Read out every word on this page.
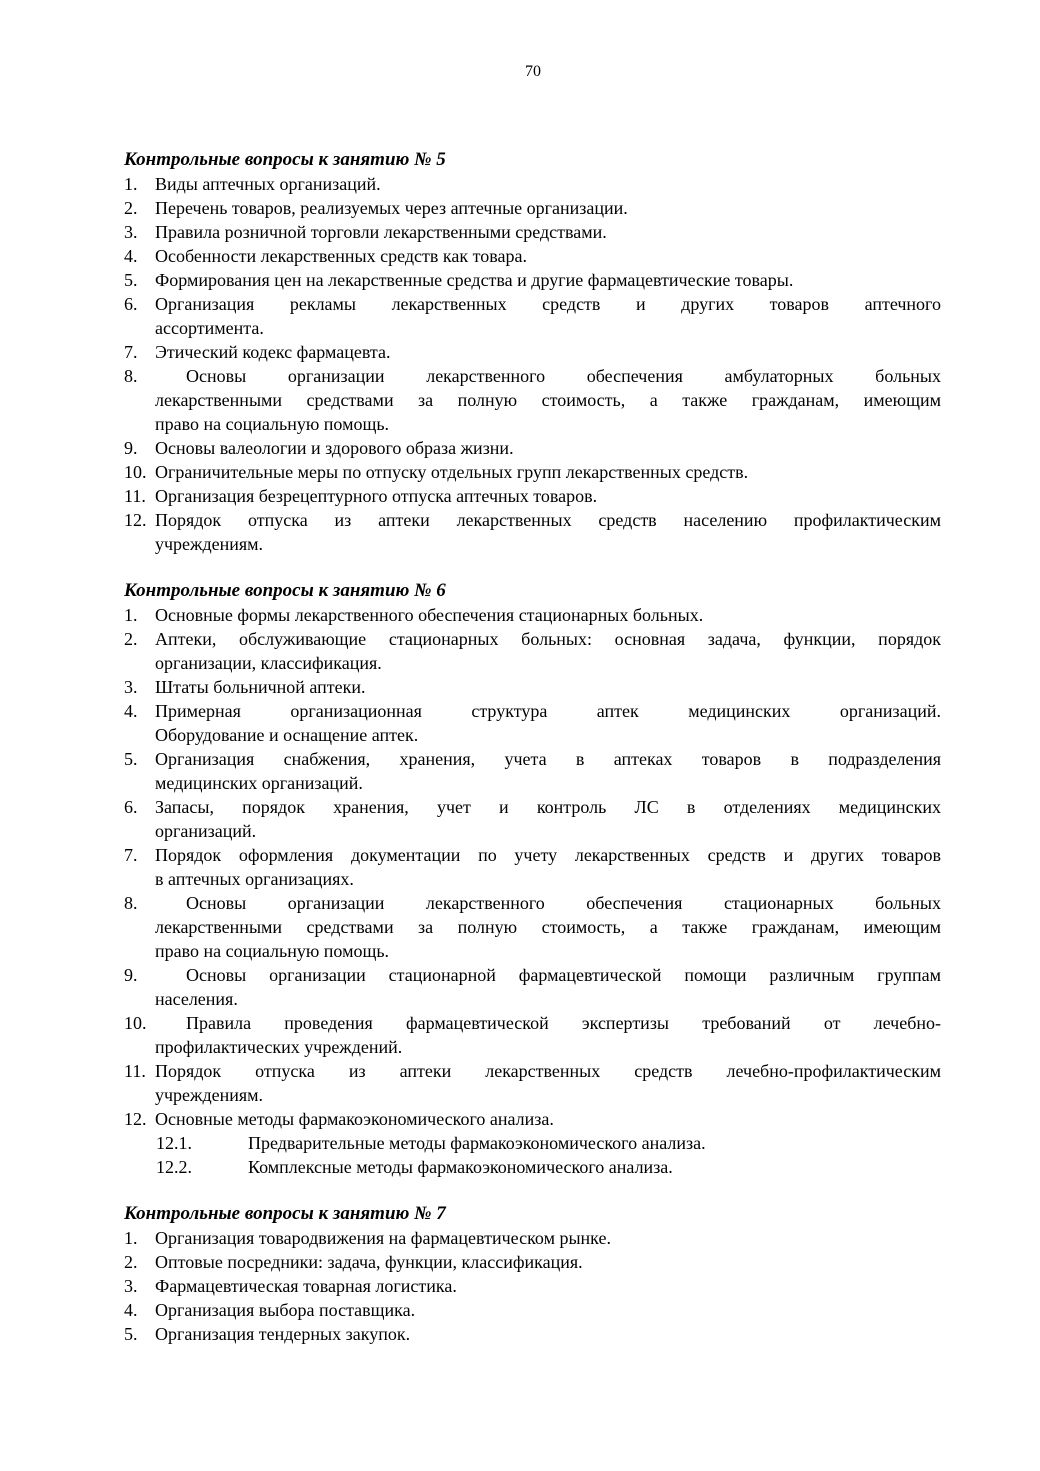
70
Контрольные вопросы к занятию № 5
1. Виды аптечных организаций.
2. Перечень товаров, реализуемых через аптечные организации.
3. Правила розничной торговли лекарственными средствами.
4. Особенности лекарственных средств как товара.
5. Формирования цен на лекарственные средства и другие фармацевтические товары.
6. Организация рекламы лекарственных средств и других товаров аптечного
ассортимента.
7. Этический кодекс фармацевта.
8.	Основы организации лекарственного обеспечения амбулаторных больных
лекарственными средствами за полную стоимость, а также гражданам, имеющим
право на социальную помощь.
9. Основы валеологии и здорового образа жизни.
10. Ограничительные меры по отпуску отдельных групп лекарственных средств.
11. Организация безрецептурного отпуска аптечных товаров.
12. Порядок отпуска из аптеки лекарственных средств населению профилактическим
учреждениям.
Контрольные вопросы к занятию № 6
1. Основные формы лекарственного обеспечения стационарных больных.
2. Аптеки, обслуживающие стационарных больных: основная задача, функции, порядок
организации, классификация.
3. Штаты больничной аптеки.
4. Примерная организационная структура аптек медицинских организаций.
Оборудование и оснащение аптек.
5. Организация снабжения, хранения, учета в аптеках товаров в подразделения
медицинских организаций.
6. Запасы, порядок хранения, учет и контроль ЛС в отделениях медицинских
организаций.
7. Порядок оформления документации по учету лекарственных средств и других товаров
в аптечных организациях.
8.	Основы организации лекарственного обеспечения стационарных больных
лекарственными средствами за полную стоимость, а также гражданам, имеющим
право на социальную помощь.
9.	Основы организации стационарной фармацевтической помощи различным группам
населения.
10.	Правила проведения фармацевтической экспертизы требований от лечебно-
профилактических учреждений.
11. Порядок отпуска из аптеки лекарственных средств лечебно-профилактическим
учреждениям.
12. Основные методы фармакоэкономического анализа.
12.1.	Предварительные методы фармакоэкономического анализа.
12.2.	Комплексные методы фармакоэкономического анализа.
Контрольные вопросы к занятию № 7
1. Организация товародвижения на фармацевтическом рынке.
2. Оптовые посредники: задача, функции, классификация.
3. Фармацевтическая товарная логистика.
4. Организация выбора поставщика.
5. Организация тендерных закупок.
